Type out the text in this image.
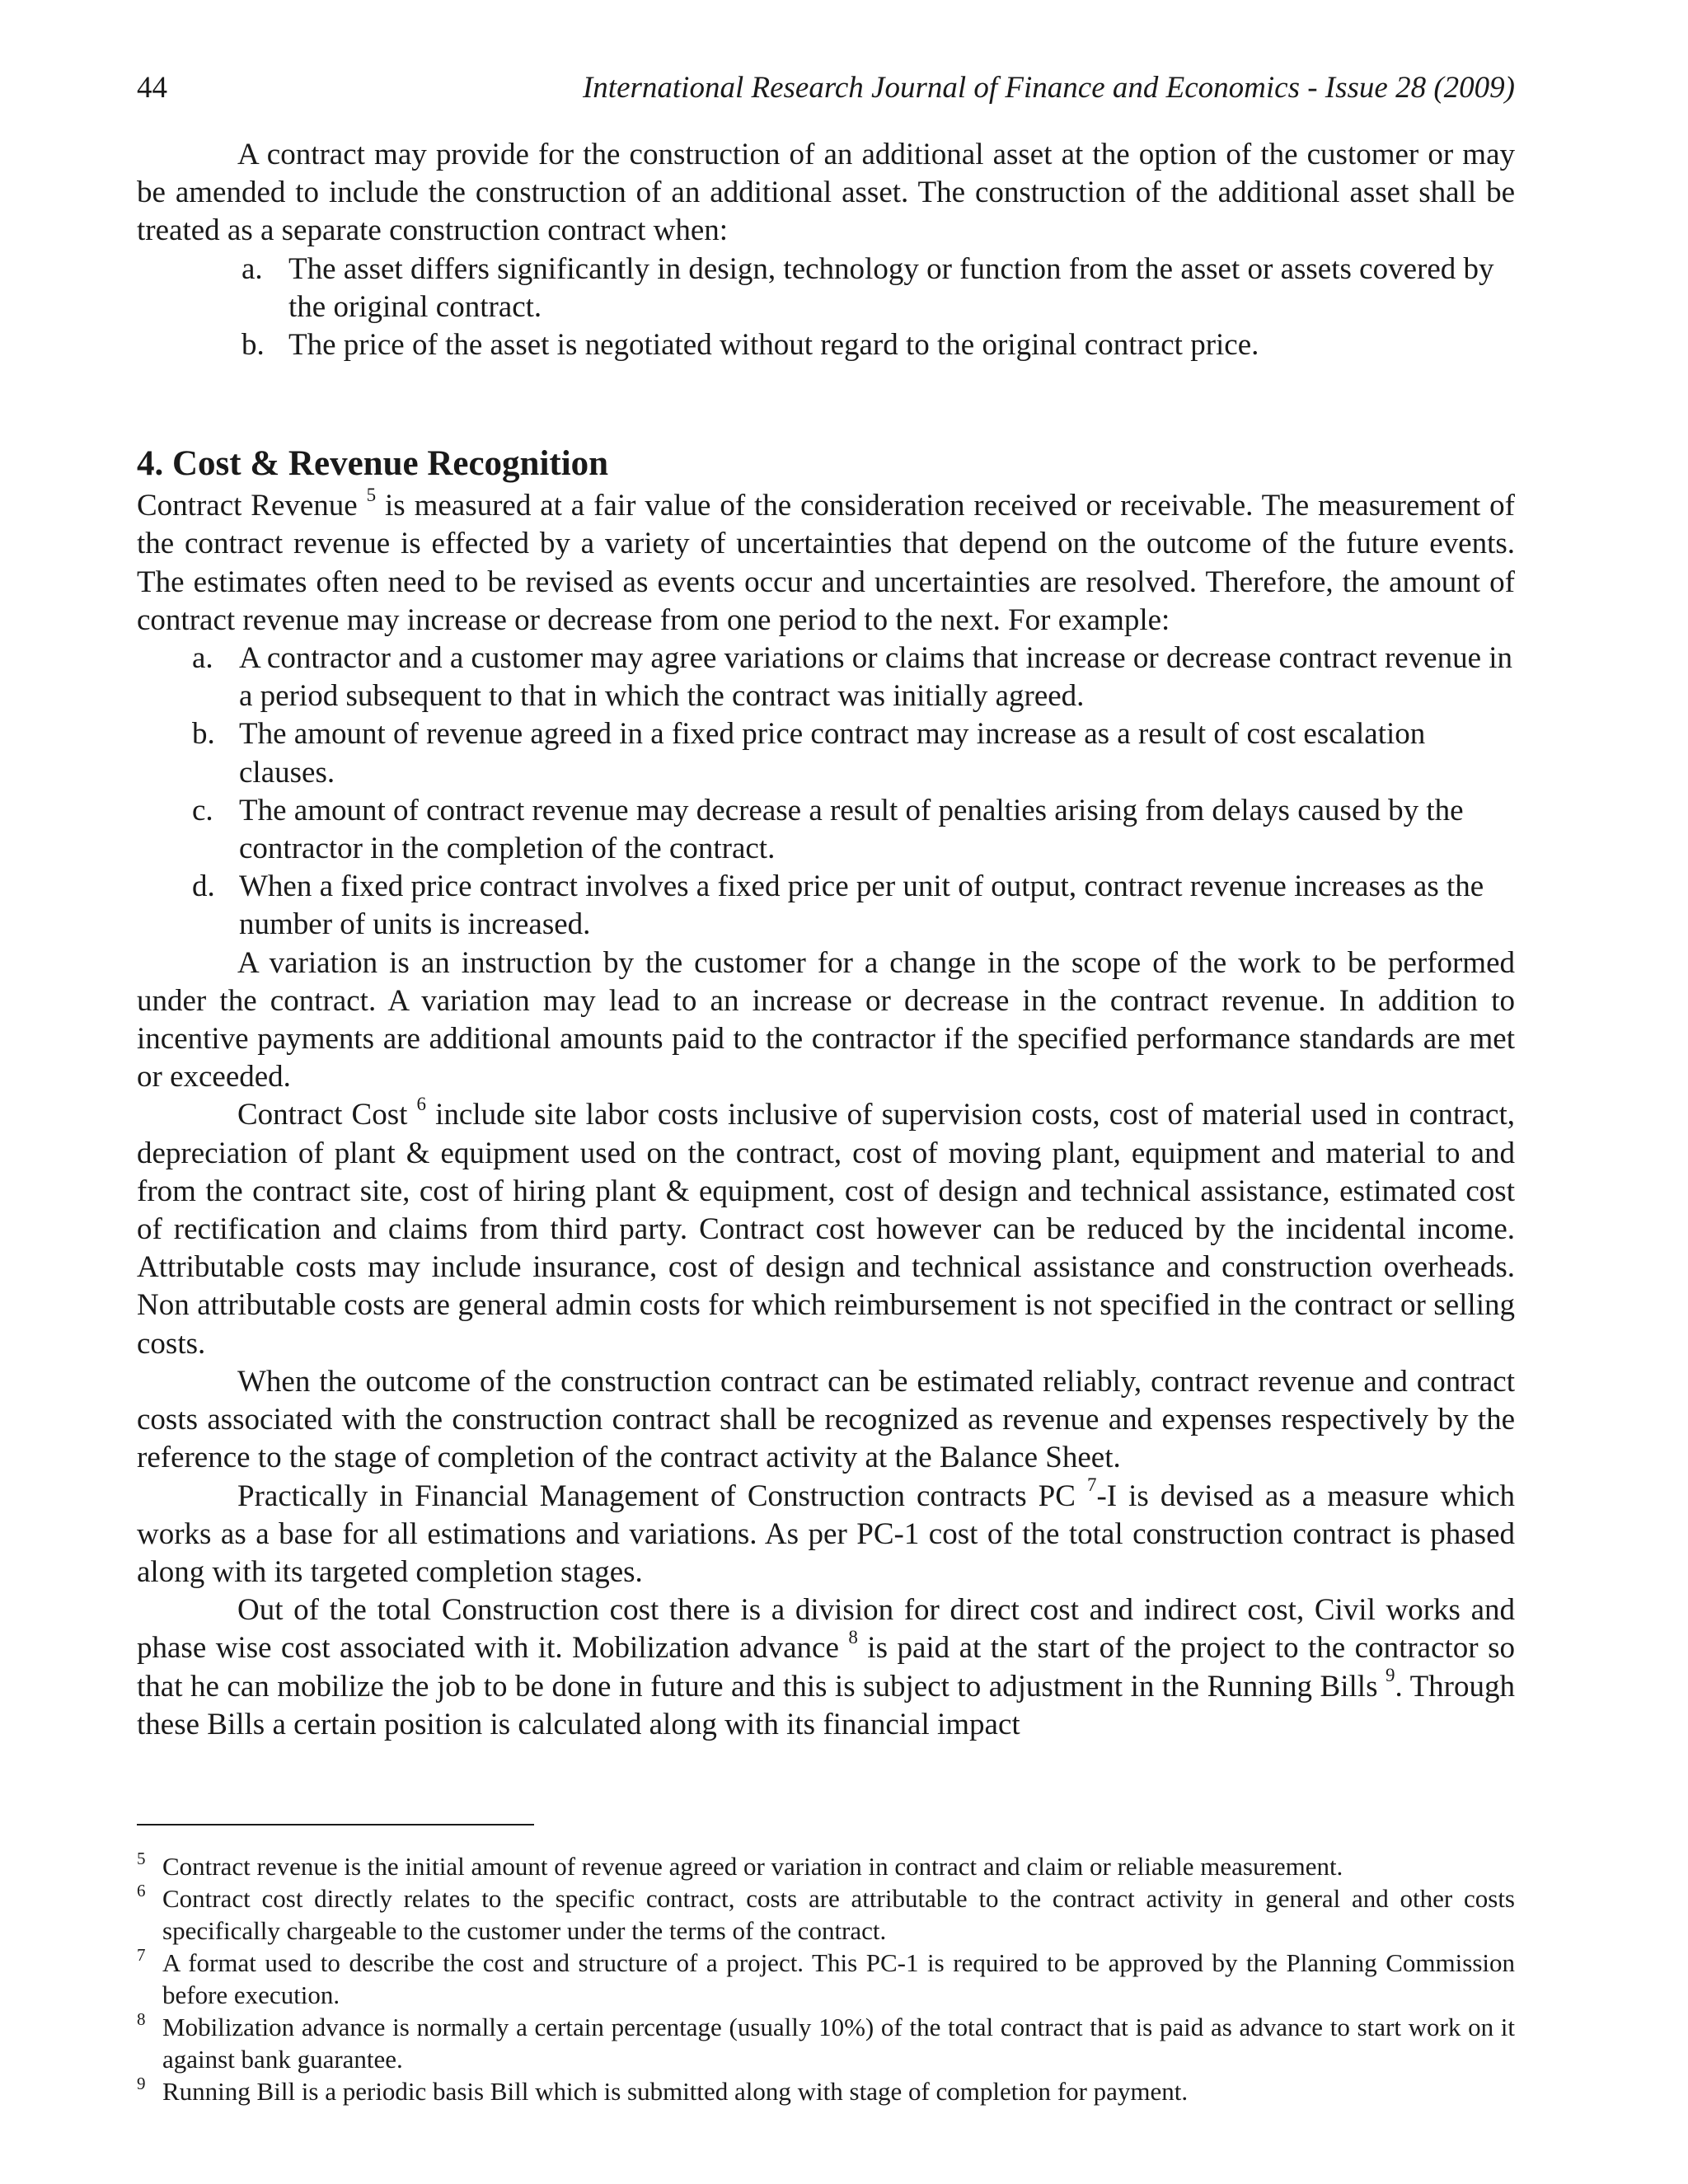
44	International Research Journal of Finance and Economics - Issue 28 (2009)

A contract may provide for the construction of an additional asset at the option of the customer or may be amended to include the construction of an additional asset. The construction of the additional asset shall be treated as a separate construction contract when:

a. The asset differs significantly in design, technology or function from the asset or assets covered by the original contract.
b. The price of the asset is negotiated without regard to the original contract price.
4. Cost & Revenue Recognition

Contract Revenue $^5$ is measured at a fair value of the consideration received or receivable. The measurement of the contract revenue is effected by a variety of uncertainties that depend on the outcome of the future events. The estimates often need to be revised as events occur and uncertainties are resolved. Therefore, the amount of contract revenue may increase or decrease from one period to the next. For example:

a. A contractor and a customer may agree variations or claims that increase or decrease contract revenue in a period subsequent to that in which the contract was initially agreed.
b. The amount of revenue agreed in a fixed price contract may increase as a result of cost escalation clauses.
c. The amount of contract revenue may decrease a result of penalties arising from delays caused by the contractor in the completion of the contract.
d. When a fixed price contract involves a fixed price per unit of output, contract revenue increases as the number of units is increased.

A variation is an instruction by the customer for a change in the scope of the work to be performed under the contract. A variation may lead to an increase or decrease in the contract revenue. In addition to incentive payments are additional amounts paid to the contractor if the specified performance standards are met or exceeded.

Contract Cost $^6$ include site labor costs inclusive of supervision costs, cost of material used in contract, depreciation of plant & equipment used on the contract, cost of moving plant, equipment and material to and from the contract site, cost of hiring plant & equipment, cost of design and technical assistance, estimated cost of rectification and claims from third party. Contract cost however can be reduced by the incidental income. Attributable costs may include insurance, cost of design and technical assistance and construction overheads. Non attributable costs are general admin costs for which reimbursement is not specified in the contract or selling costs.

When the outcome of the construction contract can be estimated reliably, contract revenue and contract costs associated with the construction contract shall be recognized as revenue and expenses respectively by the reference to the stage of completion of the contract activity at the Balance Sheet.

Practically in Financial Management of Construction contracts PC $^7$-I is devised as a measure which works as a base for all estimations and variations. As per PC-1 cost of the total construction contract is phased along with its targeted completion stages.

Out of the total Construction cost there is a division for direct cost and indirect cost, Civil works and phase wise cost associated with it. Mobilization advance $^8$ is paid at the start of the project to the contractor so that he can mobilize the job to be done in future and this is subject to adjustment in the Running Bills $^9$. Through these Bills a certain position is calculated along with its financial impact

5 Contract revenue is the initial amount of revenue agreed or variation in contract and claim or reliable measurement.
6 Contract cost directly relates to the specific contract, costs are attributable to the contract activity in general and other costs specifically chargeable to the customer under the terms of the contract.
7 A format used to describe the cost and structure of a project. This PC-1 is required to be approved by the Planning Commission before execution.
8 Mobilization advance is normally a certain percentage (usually 10%) of the total contract that is paid as advance to start work on it against bank guarantee.
9 Running Bill is a periodic basis Bill which is submitted along with stage of completion for payment.
